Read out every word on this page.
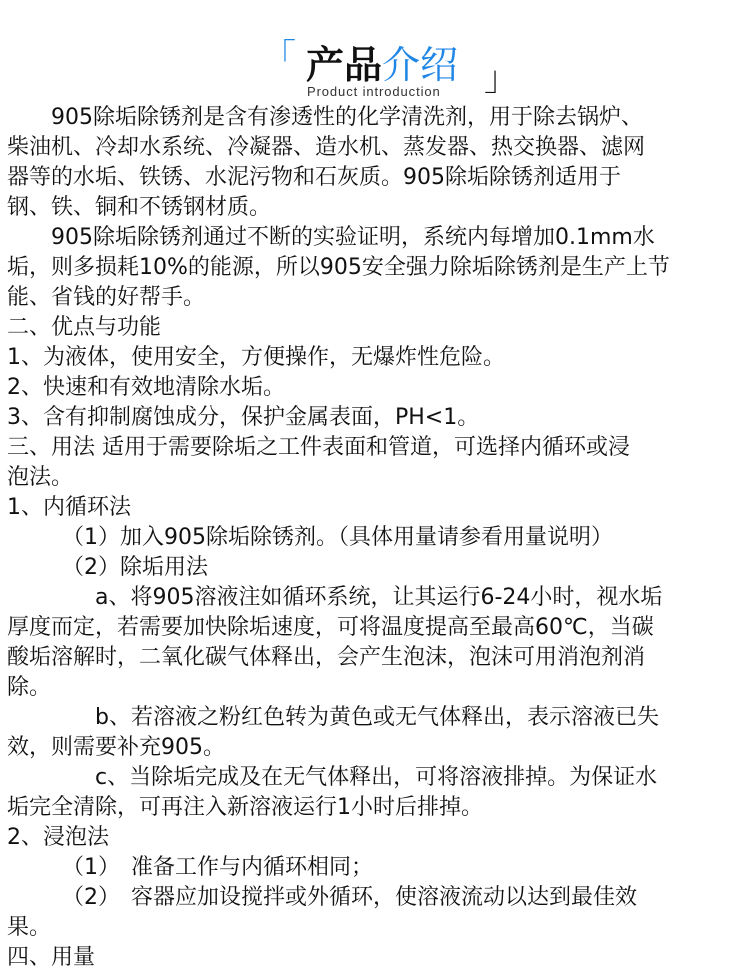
「 产品介绍
Product introduction	」
　　905除垢除锈剂是含有渗透性的化学清洗剂，用于除去锅炉、
柴油机、冷却水系统、冷凝器、造水机、蒸发器、热交换器、滤网
器等的水垢、铁锈、水泥污物和石灰质。905除垢除锈剂适用于
钢、铁、铜和不锈钢材质。
　　905除垢除锈剂通过不断的实验证明，系统内每增加0.1mm水
垢，则多损耗10%的能源，所以905安全强力除垢除锈剂是生产上节
能、省钱的好帮手。
二、优点与功能
1、为液体，使用安全，方便操作，无爆炸性危险。
2、快速和有效地清除水垢。
3、含有抑制腐蚀成分，保护金属表面，PH<1。
三、用法 适用于需要除垢之工件表面和管道，可选择内循环或浸
泡法。
1、内循环法
　　　（1）加入905除垢除锈剂。（具体用量请参看用量说明）
　　　（2）除垢用法
　　　　a、将905溶液注如循环系统，让其运行6-24小时，视水垢
厚度而定，若需要加快除垢速度，可将温度提高至最高60℃，当碳
酸垢溶解时，二氧化碳气体释出，会产生泡沫，泡沫可用消泡剂消
除。
　　　　b、若溶液之粉红色转为黄色或无气体释出，表示溶液已失
效，则需要补充905。
　　　　c、当除垢完成及在无气体释出，可将溶液排掉。为保证水
垢完全清除，可再注入新溶液运行1小时后排掉。
2、浸泡法
　　　（1）　准备工作与内循环相同；
　　　（2）　容器应加设搅拌或外循环，使溶液流动以达到最佳效
果。
四、用量
